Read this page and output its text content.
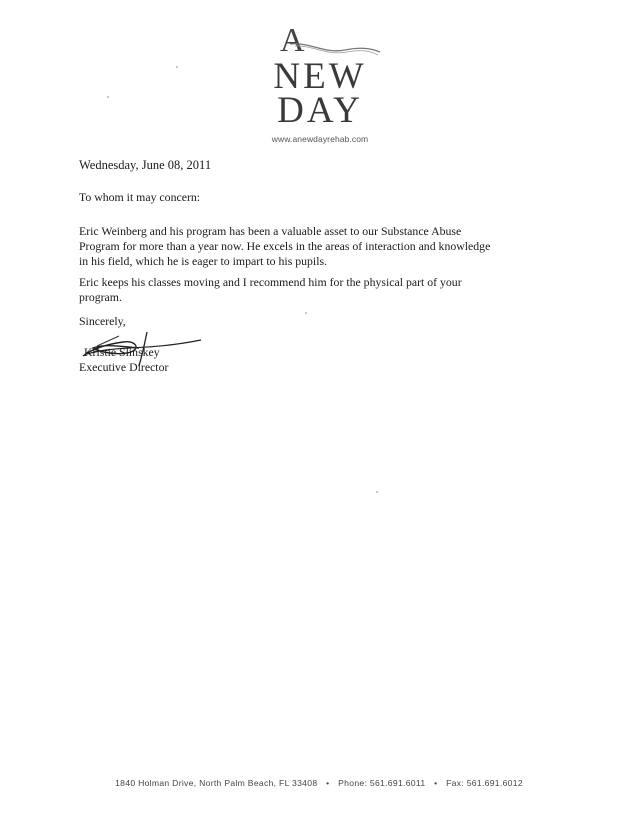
A
NEW
DAY
www.anewdayrehab.com
Wednesday, June 08, 2011
To whom it may concern:

Eric Weinberg and his program has been a valuable asset to our Substance Abuse

Program for more than a year now. He excels in the areas of interaction and knowledge

in his field, which he is eager to impart to his pupils.

Eric keeps his classes moving and I recommend him for the physical part of your

program.

Sincerely,
Kristie Slinskey
Executive Director
1840 Holman Drive, North Palm Beach, FL 33408 • Phone: 561.691.6011 • Fax: 561.691.6012
